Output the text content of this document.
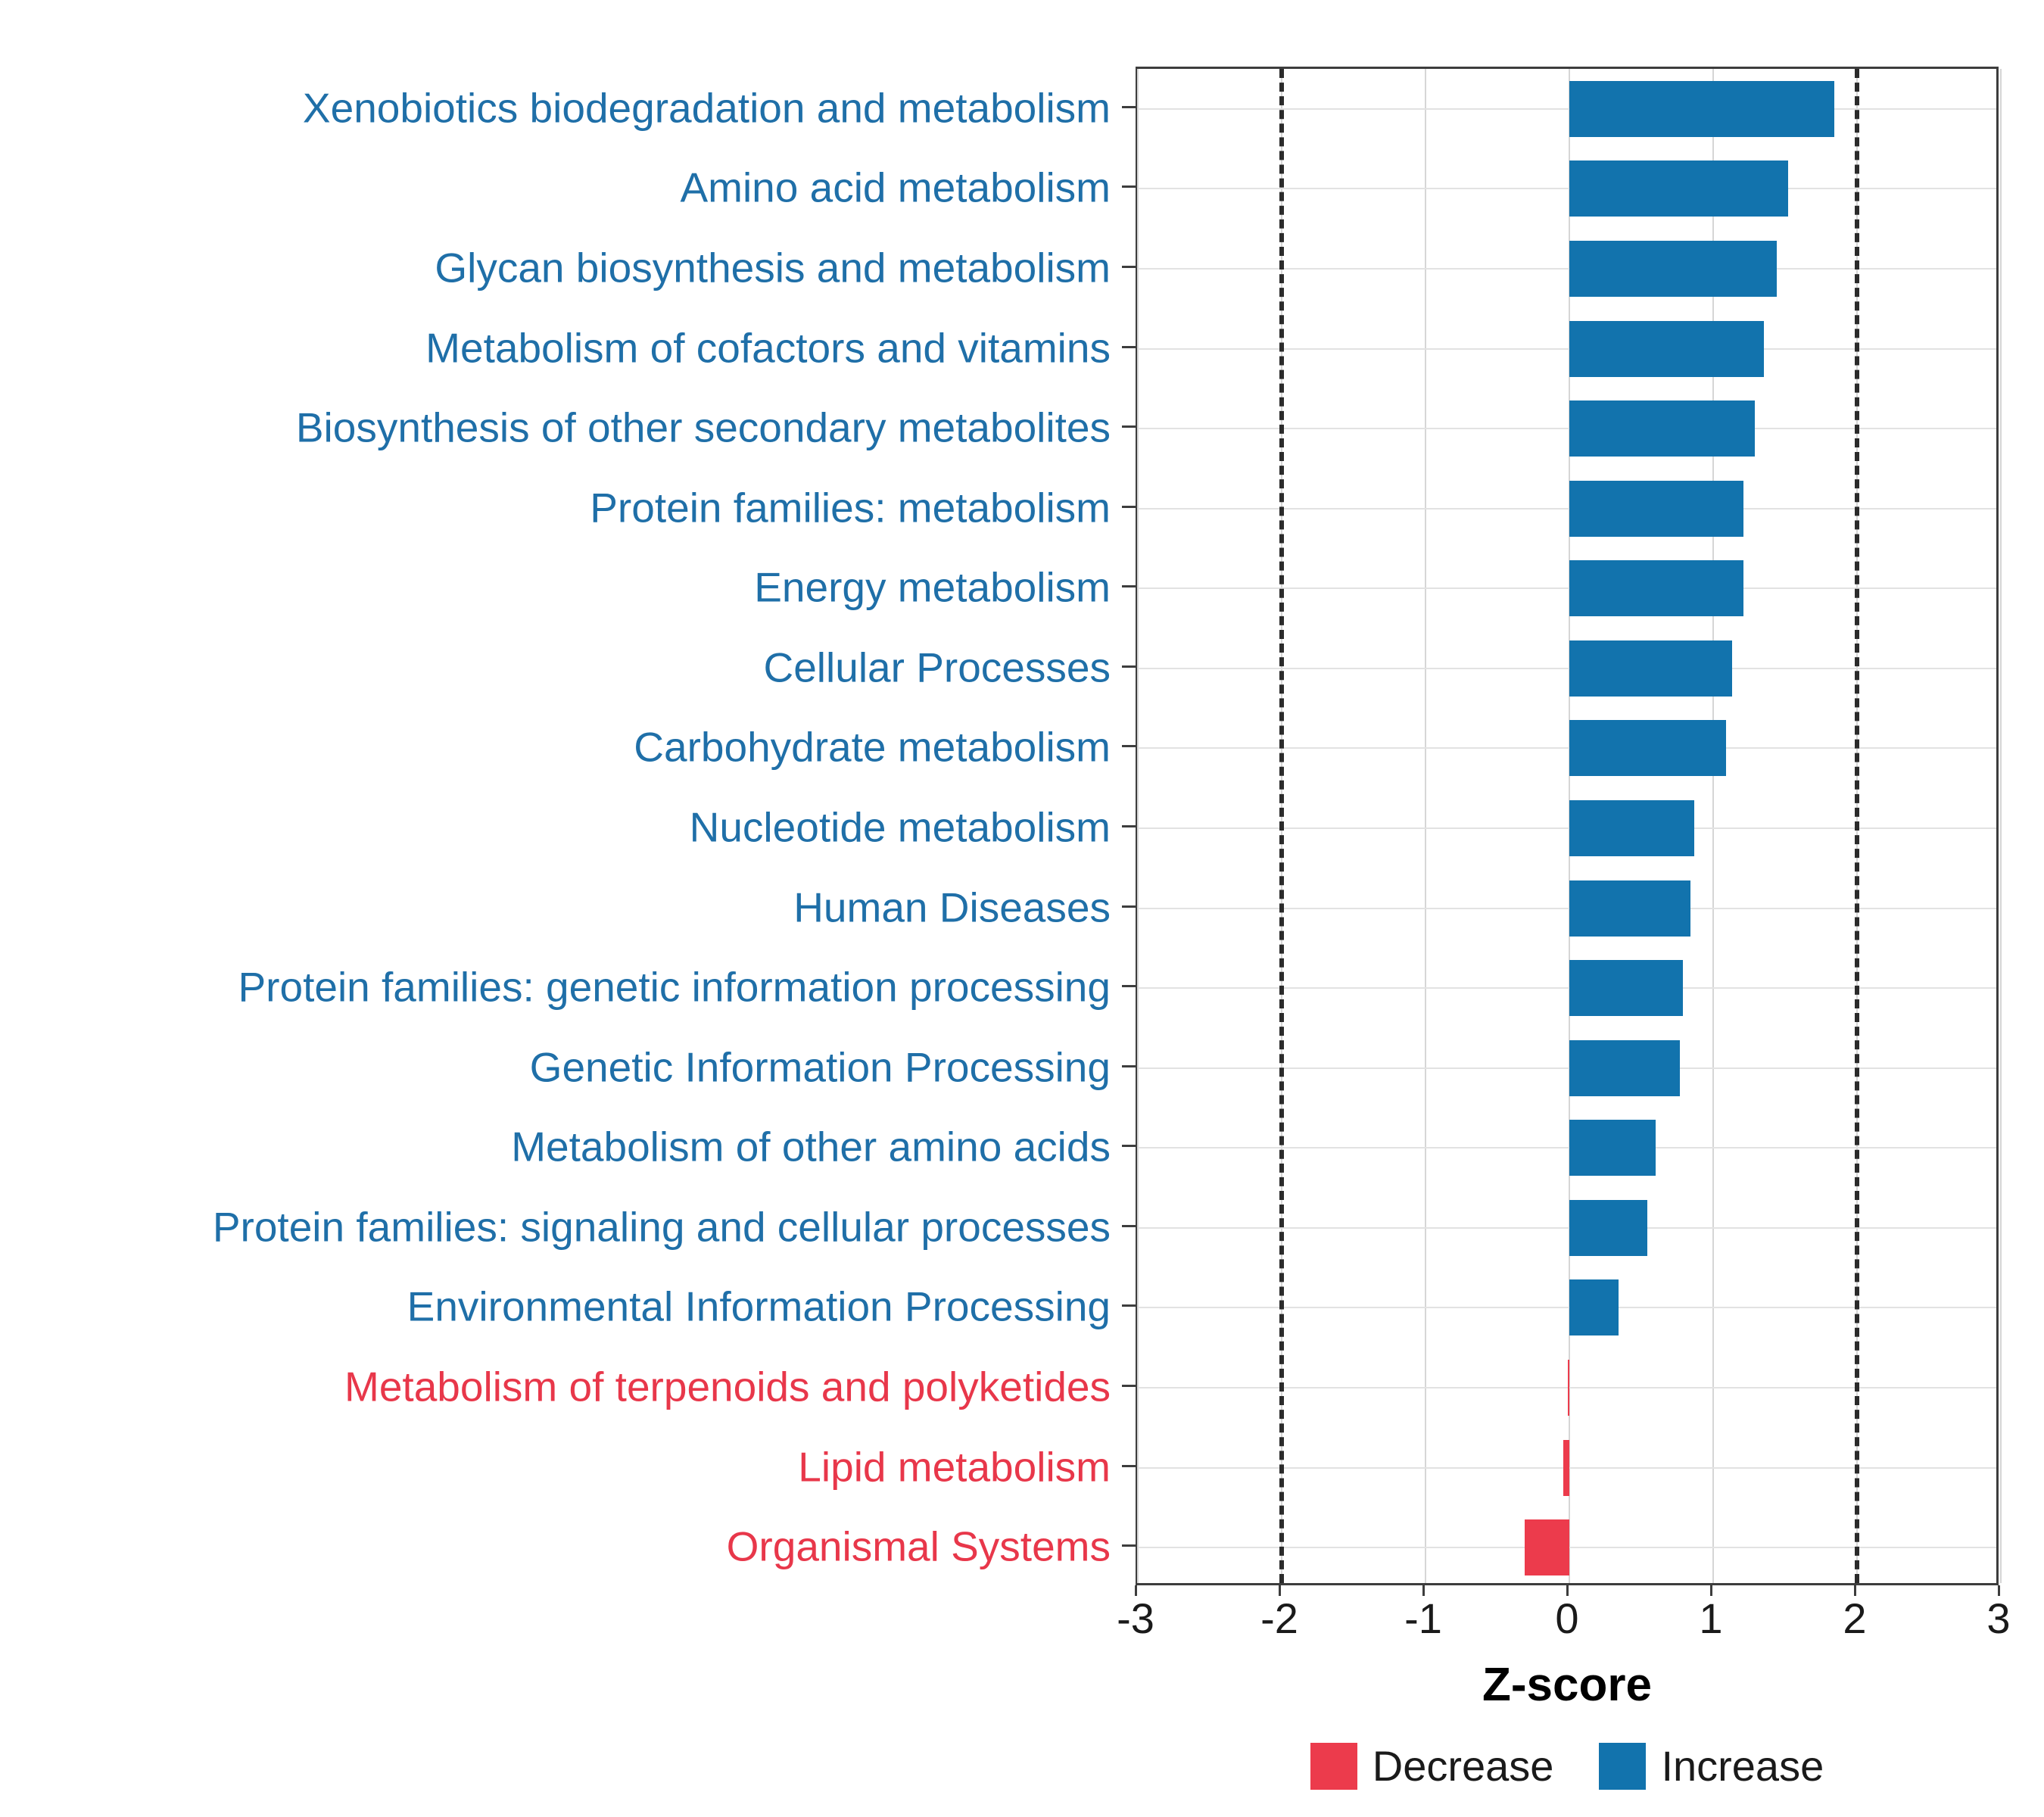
Xenobiotics biodegradation and metabolism
Amino acid metabolism
Glycan biosynthesis and metabolism
Metabolism of cofactors and vitamins
Biosynthesis of other secondary metabolites
Protein families: metabolism
Energy metabolism
Cellular Processes
Carbohydrate metabolism
Nucleotide metabolism
Human Diseases
Protein families: genetic information processing
Genetic Information Processing
Metabolism of other amino acids
Protein families: signaling and cellular processes
Environmental Information Processing
Metabolism of terpenoids and polyketides
Lipid metabolism
Organismal Systems
-3	-2	-1	0	1	2	3
Z-score
Decrease	Increase
